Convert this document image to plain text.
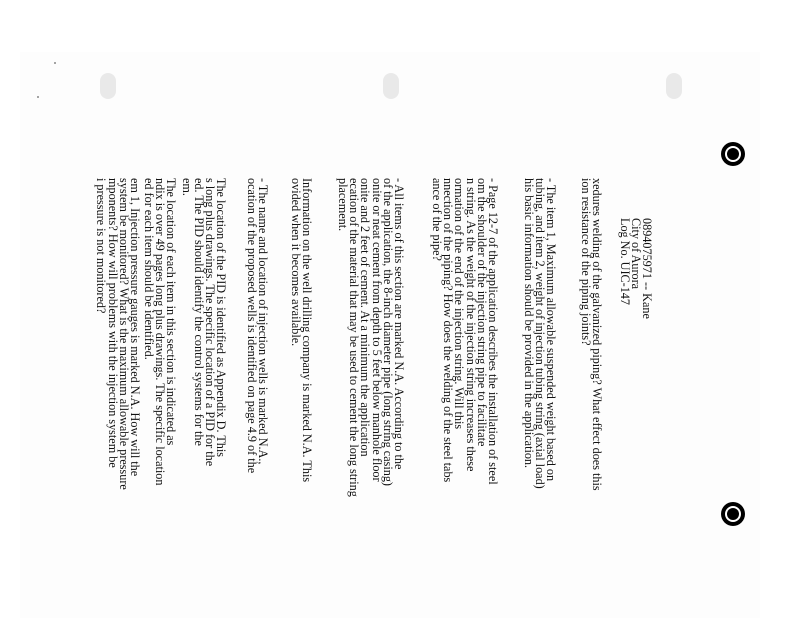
0894075971 -- Kane
City of Aurora
Log No. UIC-147
xedures welding of the galvanized piping? What effect does this
ion resistance of the piping joints?
- The item 1, Maximum allowable suspended weight based on
tubing, and item 2, weight of injection tubing string (axial load)
his basic information should be provided in the application.
- Page 12-7 of the application describes the installation of steel
om the shoulder of the injection string pipe to facilitate
n string. As the weight of the injection string increases these
ormation of the end of the injection string. Will this
nnection of the piping? How does the welding of the steel tabs
ance of the pipe?
- All items of this section are marked N.A. According to the
of the application, the 8-inch diameter pipe (long string casing)
onite or neat cement from depth to 5 feet below manhole floor
onite and 2 feet of cement. At a minimum the application
ecation of the material that may be used to cement the long string
placement.
Information on the well drilling company is marked N.A. This
ovided when it becomes available.
- The name and location of injection wells is marked N.A.,
ocation of the proposed wells is identified on page 4.9 of the
The location of the PID is identified as Appendix D. This
s long plus drawings. The specific location of a PID for the
ed. The PID should identify the control systems for the
em.
The location of each item in this section is indicated as
ndix is over 49 pages long plus drawings. The specific location
ed for each item should be identified.
em 1, Injection pressure gauges is marked N.A. How will the
system be monitored? What is the maximum allowable pressure
mponents? How will problems with the injection system be
i pressure is not monitored?
